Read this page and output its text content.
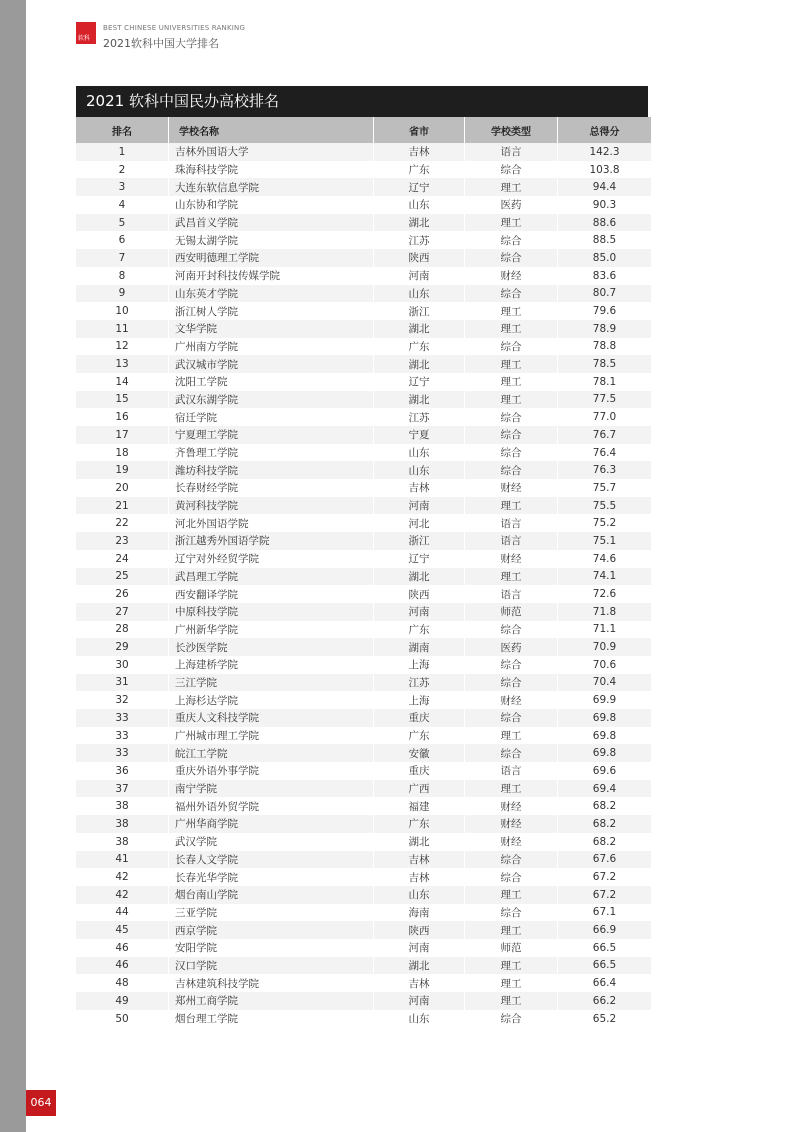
软科
BEST CHINESE UNIVERSITIES RANKING
2021软科中国大学排名
2021 软科中国民办高校排名
排名	学校名称	省市	学校类型	总得分
1	吉林外国语大学	吉林	语言	142.3
2	珠海科技学院	广东	综合	103.8
3	大连东软信息学院	辽宁	理工	94.4
4	山东协和学院	山东	医药	90.3
5	武昌首义学院	湖北	理工	88.6
6	无锡太湖学院	江苏	综合	88.5
7	西安明德理工学院	陕西	综合	85.0
8	河南开封科技传媒学院	河南	财经	83.6
9	山东英才学院	山东	综合	80.7
10	浙江树人学院	浙江	理工	79.6
11	文华学院	湖北	理工	78.9
12	广州南方学院	广东	综合	78.8
13	武汉城市学院	湖北	理工	78.5
14	沈阳工学院	辽宁	理工	78.1
15	武汉东湖学院	湖北	理工	77.5
16	宿迁学院	江苏	综合	77.0
17	宁夏理工学院	宁夏	综合	76.7
18	齐鲁理工学院	山东	综合	76.4
19	潍坊科技学院	山东	综合	76.3
20	长春财经学院	吉林	财经	75.7
21	黄河科技学院	河南	理工	75.5
22	河北外国语学院	河北	语言	75.2
23	浙江越秀外国语学院	浙江	语言	75.1
24	辽宁对外经贸学院	辽宁	财经	74.6
25	武昌理工学院	湖北	理工	74.1
26	西安翻译学院	陕西	语言	72.6
27	中原科技学院	河南	师范	71.8
28	广州新华学院	广东	综合	71.1
29	长沙医学院	湖南	医药	70.9
30	上海建桥学院	上海	综合	70.6
31	三江学院	江苏	综合	70.4
32	上海杉达学院	上海	财经	69.9
33	重庆人文科技学院	重庆	综合	69.8
33	广州城市理工学院	广东	理工	69.8
33	皖江工学院	安徽	综合	69.8
36	重庆外语外事学院	重庆	语言	69.6
37	南宁学院	广西	理工	69.4
38	福州外语外贸学院	福建	财经	68.2
38	广州华商学院	广东	财经	68.2
38	武汉学院	湖北	财经	68.2
41	长春人文学院	吉林	综合	67.6
42	长春光华学院	吉林	综合	67.2
42	烟台南山学院	山东	理工	67.2
44	三亚学院	海南	综合	67.1
45	西京学院	陕西	理工	66.9
46	安阳学院	河南	师范	66.5
46	汉口学院	湖北	理工	66.5
48	吉林建筑科技学院	吉林	理工	66.4
49	郑州工商学院	河南	理工	66.2
50	烟台理工学院	山东	综合	65.2
064
